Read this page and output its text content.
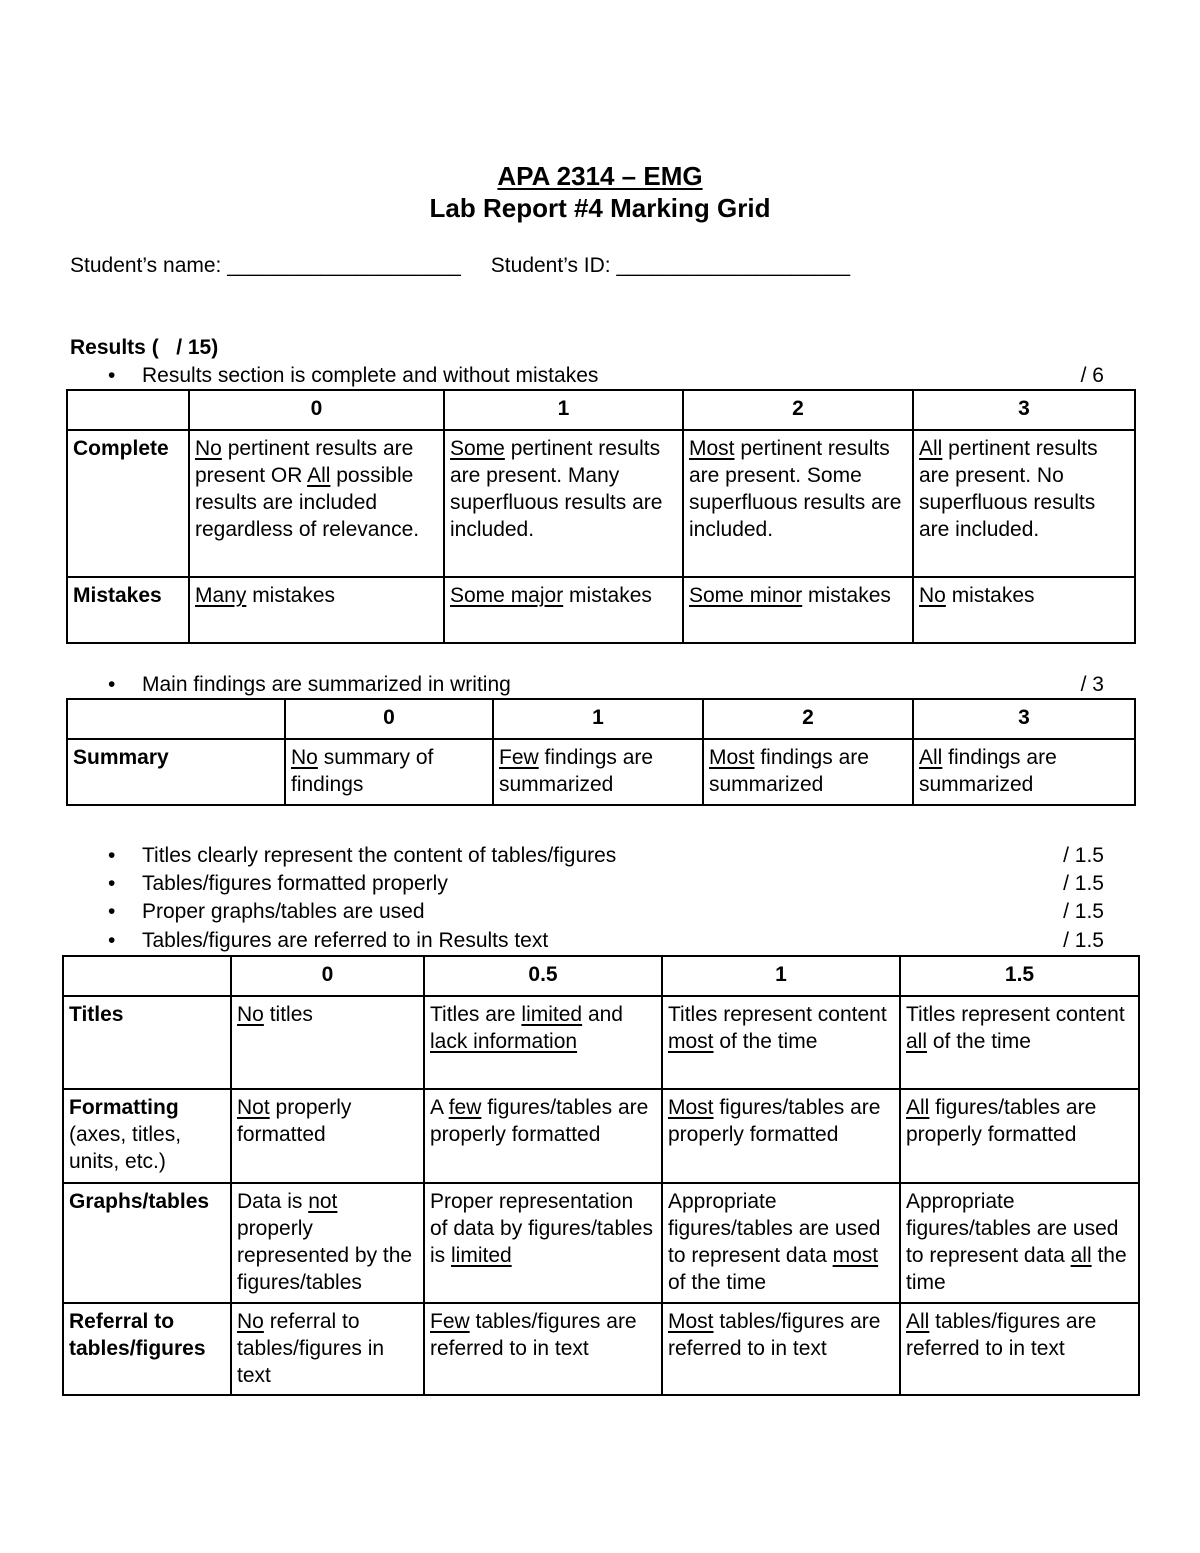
APA 2314 – EMG
Lab Report #4 Marking Grid
Student’s name: ____________________ Student’s ID: ____________________
Results (   / 15)
• Results section is complete and without mistakes	/ 6
	0	1	2	3
Complete	No pertinent results are present OR All possible results are included regardless of relevance.	Some pertinent results are present. Many superfluous results are included.	Most pertinent results are present. Some superfluous results are included.	All pertinent results are present. No superfluous results are included.
Mistakes	Many mistakes	Some major mistakes	Some minor mistakes	No mistakes
• Main findings are summarized in writing	/ 3
	0	1	2	3
Summary	No summary of findings	Few findings are summarized	Most findings are summarized	All findings are summarized
• Titles clearly represent the content of tables/figures	/ 1.5
• Tables/figures formatted properly	/ 1.5
• Proper graphs/tables are used	/ 1.5
• Tables/figures are referred to in Results text	/ 1.5
	0	0.5	1	1.5
Titles	No titles	Titles are limited and lack information	Titles represent content most of the time	Titles represent content all of the time
Formatting
(axes, titles, units, etc.)	Not properly formatted	A few figures/tables are properly formatted	Most figures/tables are properly formatted	All figures/tables are properly formatted
Graphs/tables	Data is not properly represented by the figures/tables	Proper representation of data by figures/tables is limited	Appropriate figures/tables are used to represent data most of the time	Appropriate figures/tables are used to represent data all the time
Referral to tables/figures	No referral to tables/figures in text	Few tables/figures are referred to in text	Most tables/figures are referred to in text	All tables/figures are referred to in text
